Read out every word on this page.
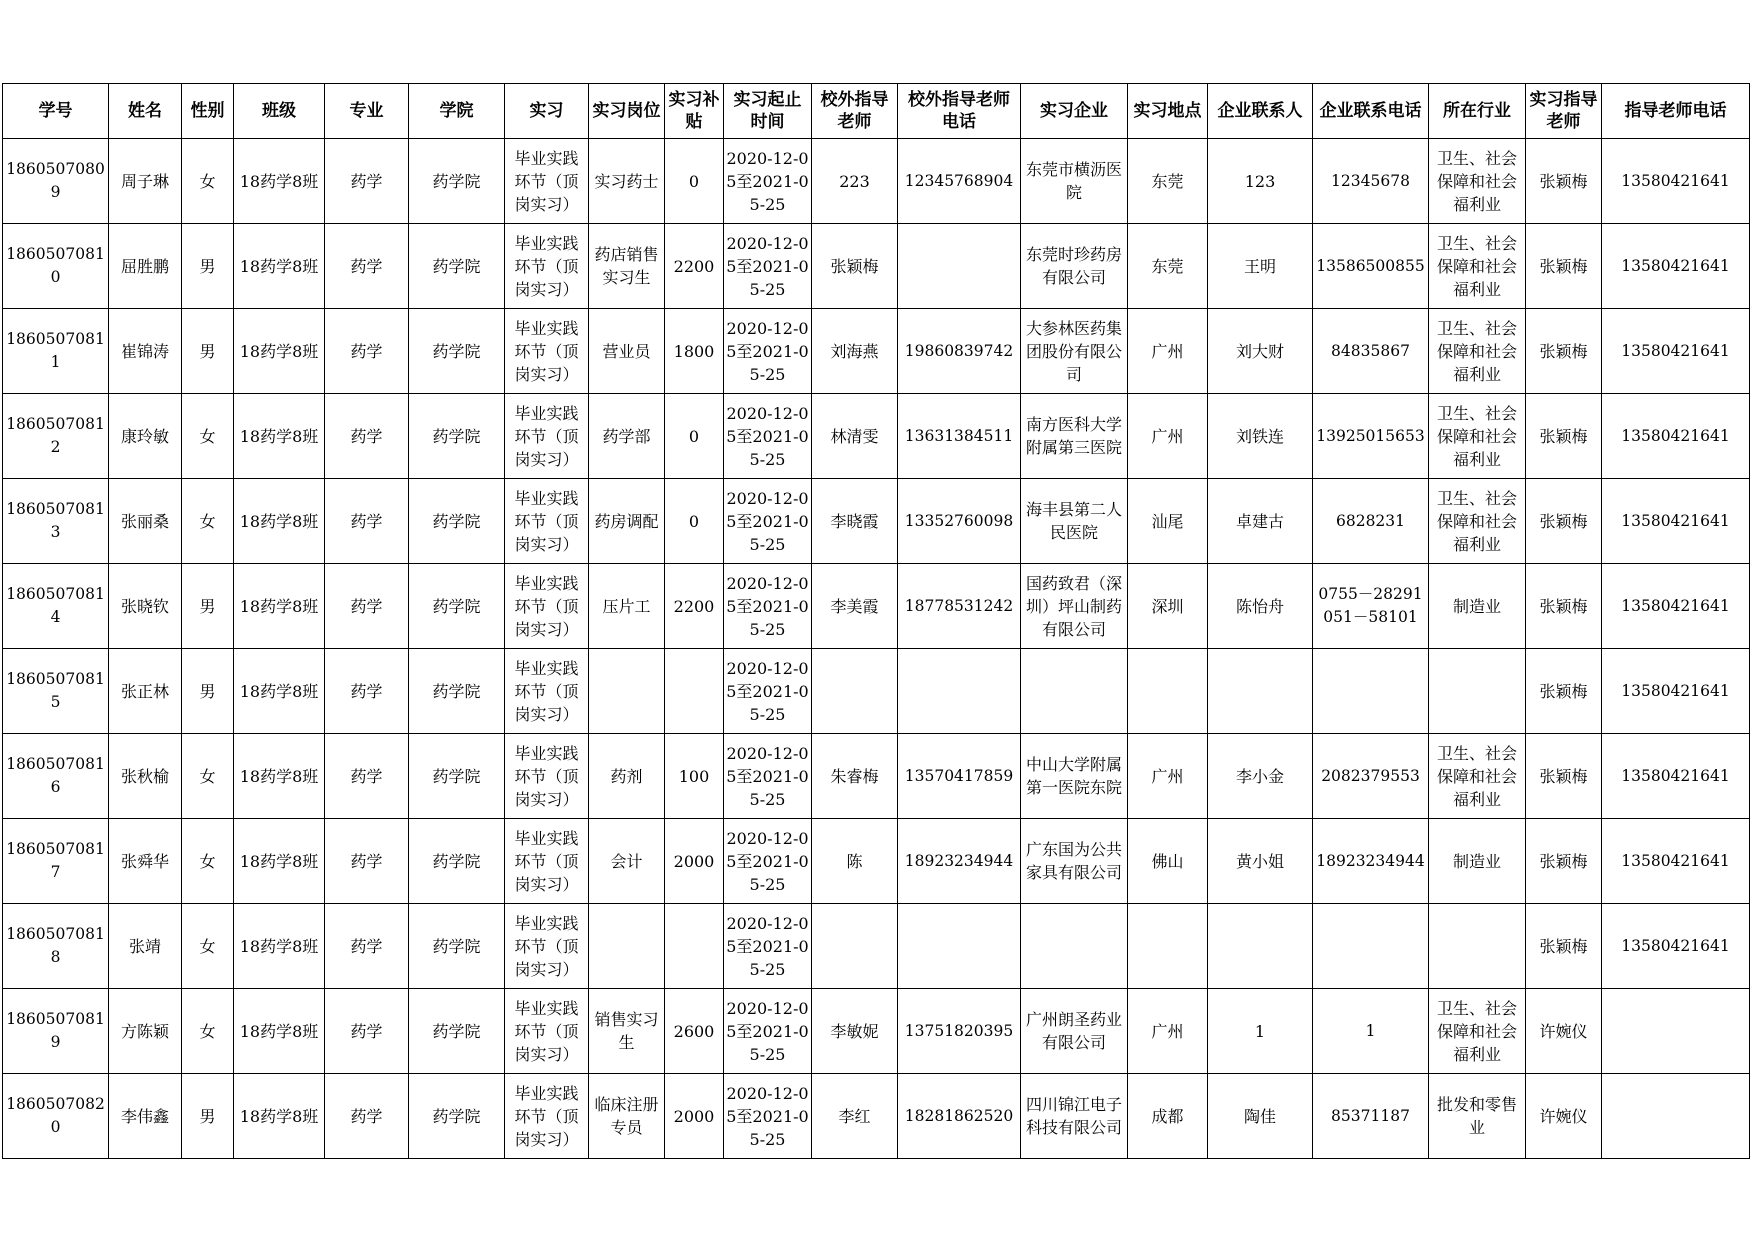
学号	姓名	性别	班级	专业	学院	实习	实习岗位	实习补贴	实习起止时间	校外指导老师	校外指导老师电话	实习企业	实习地点	企业联系人	企业联系电话	所在行业	实习指导老师	指导老师电话

18605070809	周子琳	女	18药学8班	药学	药学院	毕业实践环节（顶岗实习）	实习药士	0	2020-12-05至2021-05-25	223	12345768904	东莞市横沥医院	东莞	123	12345678	卫生、社会保障和社会福利业	张颖梅	13580421641

18605070810	屈胜鹏	男	18药学8班	药学	药学院	毕业实践环节（顶岗实习）	药店销售实习生	2200	2020-12-05至2021-05-25	张颖梅		东莞时珍药房有限公司	东莞	王明	13586500855	卫生、社会保障和社会福利业	张颖梅	13580421641

18605070811	崔锦涛	男	18药学8班	药学	药学院	毕业实践环节（顶岗实习）	营业员	1800	2020-12-05至2021-05-25	刘海燕	19860839742	大参林医药集团股份有限公司	广州	刘大财	84835867	卫生、社会保障和社会福利业	张颖梅	13580421641

18605070812	康玲敏	女	18药学8班	药学	药学院	毕业实践环节（顶岗实习）	药学部	0	2020-12-05至2021-05-25	林清雯	13631384511	南方医科大学附属第三医院	广州	刘铁连	13925015653	卫生、社会保障和社会福利业	张颖梅	13580421641

18605070813	张丽桑	女	18药学8班	药学	药学院	毕业实践环节（顶岗实习）	药房调配	0	2020-12-05至2021-05-25	李晓霞	13352760098	海丰县第二人民医院	汕尾	卓建古	6828231	卫生、社会保障和社会福利业	张颖梅	13580421641

18605070814	张晓钦	男	18药学8班	药学	药学院	毕业实践环节（顶岗实习）	压片工	2200	2020-12-05至2021-05-25	李美霞	18778531242	国药致君（深圳）坪山制药有限公司	深圳	陈怡舟	0755－28291051－58101	制造业	张颖梅	13580421641

18605070815	张正林	男	18药学8班	药学	药学院	毕业实践环节（顶岗实习）			2020-12-05至2021-05-25								张颖梅	13580421641

18605070816	张秋榆	女	18药学8班	药学	药学院	毕业实践环节（顶岗实习）	药剂	100	2020-12-05至2021-05-25	朱睿梅	13570417859	中山大学附属第一医院东院	广州	李小金	2082379553	卫生、社会保障和社会福利业	张颖梅	13580421641

18605070817	张舜华	女	18药学8班	药学	药学院	毕业实践环节（顶岗实习）	会计	2000	2020-12-05至2021-05-25	陈	18923234944	广东国为公共家具有限公司	佛山	黄小姐	18923234944	制造业	张颖梅	13580421641

18605070818	张靖	女	18药学8班	药学	药学院	毕业实践环节（顶岗实习）			2020-12-05至2021-05-25								张颖梅	13580421641

18605070819	方陈颖	女	18药学8班	药学	药学院	毕业实践环节（顶岗实习）	销售实习生	2600	2020-12-05至2021-05-25	李敏妮	13751820395	广州朗圣药业有限公司	广州	1	1	卫生、社会保障和社会福利业	许婉仪	

18605070820	李伟鑫	男	18药学8班	药学	药学院	毕业实践环节（顶岗实习）	临床注册专员	2000	2020-12-05至2021-05-25	李红	18281862520	四川锦江电子科技有限公司	成都	陶佳	85371187	批发和零售业	许婉仪	
